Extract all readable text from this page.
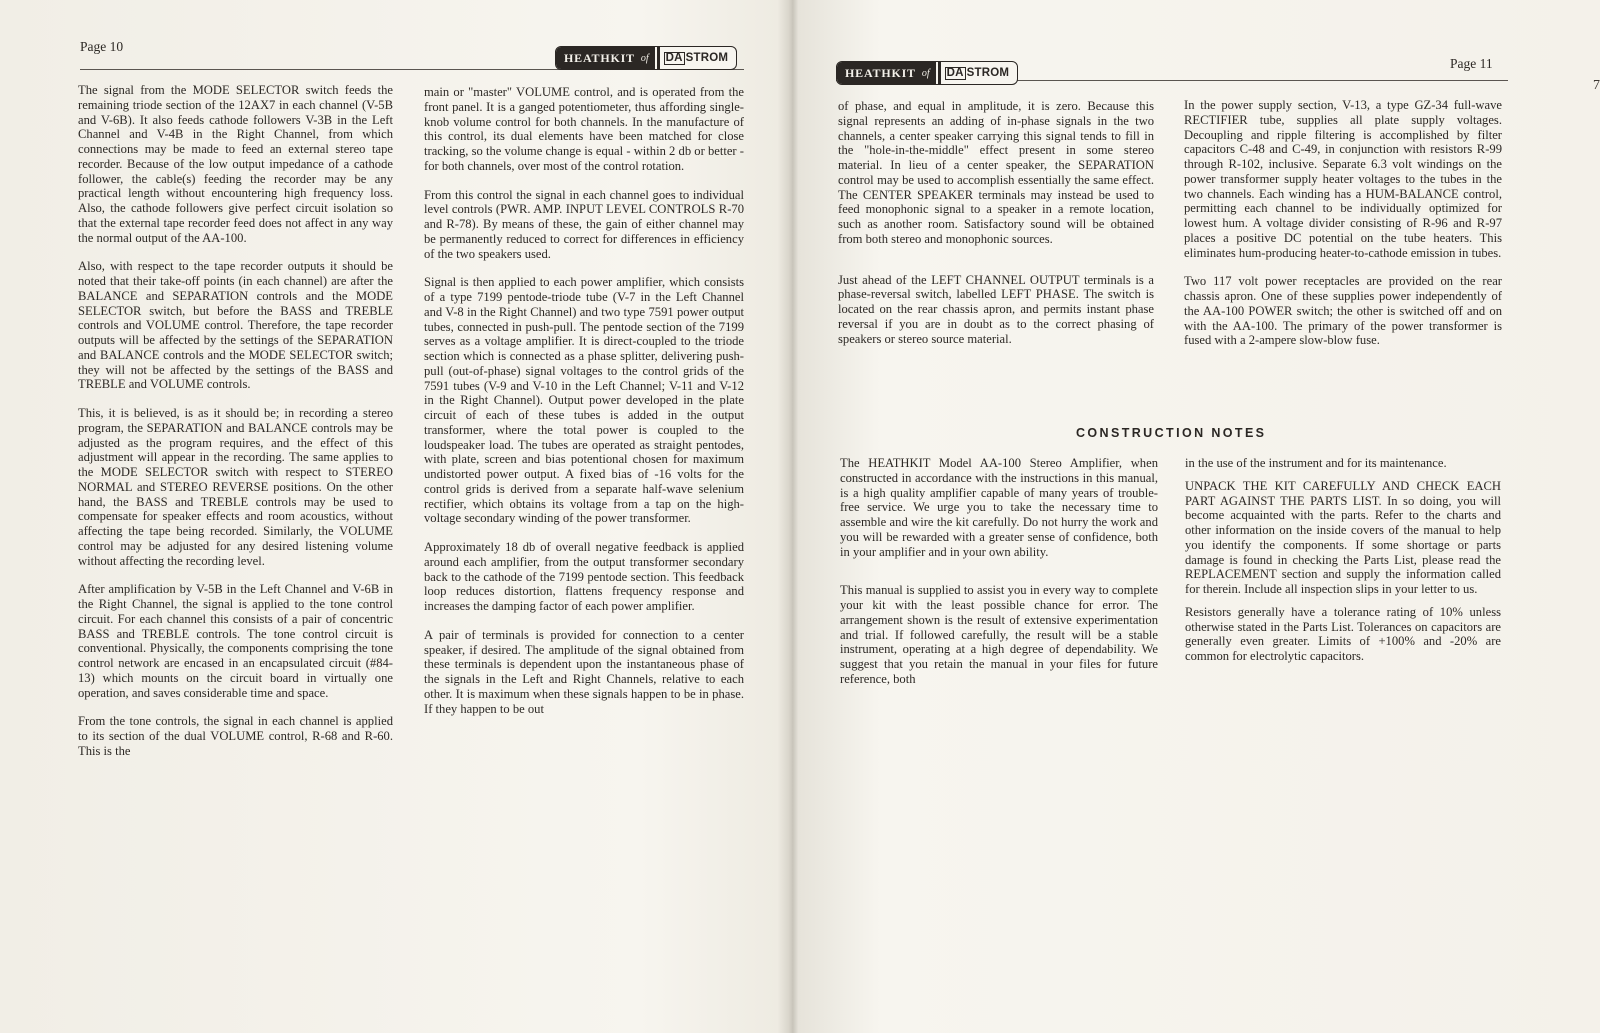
Page 10
HEATHKIT of	DA STROM

The signal from the MODE SELECTOR switch feeds the remaining triode section of the 12AX7 in each channel (V-5B and V-6B). It also feeds cathode followers V-3B in the Left Channel and V-4B in the Right Channel, from which connections may be made to feed an external stereo tape recorder. Because of the low output impedance of a cathode follower, the cable(s) feeding the recorder may be any practical length without encountering high frequency loss. Also, the cathode followers give perfect circuit isolation so that the external tape recorder feed does not affect in any way the normal output of the AA-100.

Also, with respect to the tape recorder outputs it should be noted that their take-off points (in each channel) are after the BALANCE and SEPARATION controls and the MODE SELECTOR switch, but before the BASS and TREBLE controls and VOLUME control. Therefore, the tape recorder outputs will be affected by the settings of the SEPARATION and BALANCE controls and the MODE SELECTOR switch; they will not be affected by the settings of the BASS and TREBLE and VOLUME controls.

This, it is believed, is as it should be; in recording a stereo program, the SEPARATION and BALANCE controls may be adjusted as the program requires, and the effect of this adjustment will appear in the recording. The same applies to the MODE SELECTOR switch with respect to STEREO NORMAL and STEREO REVERSE positions. On the other hand, the BASS and TREBLE controls may be used to compensate for speaker effects and room acoustics, without affecting the tape being recorded. Similarly, the VOLUME control may be adjusted for any desired listening volume without affecting the recording level.

After amplification by V-5B in the Left Channel and V-6B in the Right Channel, the signal is applied to the tone control circuit. For each channel this consists of a pair of concentric BASS and TREBLE controls. The tone control circuit is conventional. Physically, the components comprising the tone control network are encased in an encapsulated circuit (#84-13) which mounts on the circuit board in virtually one operation, and saves considerable time and space.

From the tone controls, the signal in each channel is applied to its section of the dual VOLUME control, R-68 and R-60. This is the

main or "master" VOLUME control, and is operated from the front panel. It is a ganged potentiometer, thus affording single-knob volume control for both channels. In the manufacture of this control, its dual elements have been matched for close tracking, so the volume change is equal - within 2 db or better - for both channels, over most of the control rotation.

From this control the signal in each channel goes to individual level controls (PWR. AMP. INPUT LEVEL CONTROLS R-70 and R-78). By means of these, the gain of either channel may be permanently reduced to correct for differences in efficiency of the two speakers used.

Signal is then applied to each power amplifier, which consists of a type 7199 pentode-triode tube (V-7 in the Left Channel and V-8 in the Right Channel) and two type 7591 power output tubes, connected in push-pull. The pentode section of the 7199 serves as a voltage amplifier. It is direct-coupled to the triode section which is connected as a phase splitter, delivering push-pull (out-of-phase) signal voltages to the control grids of the 7591 tubes (V-9 and V-10 in the Left Channel; V-11 and V-12 in the Right Channel). Output power developed in the plate circuit of each of these tubes is added in the output transformer, where the total power is coupled to the loudspeaker load. The tubes are operated as straight pentodes, with plate, screen and bias potentional chosen for maximum undistorted power output. A fixed bias of -16 volts for the control grids is derived from a separate half-wave selenium rectifier, which obtains its voltage from a tap on the high-voltage secondary winding of the power transformer.

Approximately 18 db of overall negative feedback is applied around each amplifier, from the output transformer secondary back to the cathode of the 7199 pentode section. This feedback loop reduces distortion, flattens frequency response and increases the damping factor of each power amplifier.

A pair of terminals is provided for connection to a center speaker, if desired. The amplitude of the signal obtained from these terminals is dependent upon the instantaneous phase of the signals in the Left and Right Channels, relative to each other. It is maximum when these signals happen to be in phase. If they happen to be out

Page 11
HEATHKIT of	DA STROM
7

of phase, and equal in amplitude, it is zero. Because this signal represents an adding of in-phase signals in the two channels, a center speaker carrying this signal tends to fill in the "hole-in-the-middle" effect present in some stereo material. In lieu of a center speaker, the SEPARATION control may be used to accomplish essentially the same effect. The CENTER SPEAKER terminals may instead be used to feed monophonic signal to a speaker in a remote location, such as another room. Satisfactory sound will be obtained from both stereo and monophonic sources.

Just ahead of the LEFT CHANNEL OUTPUT terminals is a phase-reversal switch, labelled LEFT PHASE. The switch is located on the rear chassis apron, and permits instant phase reversal if you are in doubt as to the correct phasing of speakers or stereo source material.

In the power supply section, V-13, a type GZ-34 full-wave RECTIFIER tube, supplies all plate supply voltages. Decoupling and ripple filtering is accomplished by filter capacitors C-48 and C-49, in conjunction with resistors R-99 through R-102, inclusive. Separate 6.3 volt windings on the power transformer supply heater voltages to the tubes in the two channels. Each winding has a HUM-BALANCE control, permitting each channel to be individually optimized for lowest hum. A voltage divider consisting of R-96 and R-97 places a positive DC potential on the tube heaters. This eliminates hum-producing heater-to-cathode emission in tubes.

Two 117 volt power receptacles are provided on the rear chassis apron. One of these supplies power independently of the AA-100 POWER switch; the other is switched off and on with the AA-100. The primary of the power transformer is fused with a 2-ampere slow-blow fuse.

CONSTRUCTION NOTES

The HEATHKIT Model AA-100 Stereo Amplifier, when constructed in accordance with the instructions in this manual, is a high quality amplifier capable of many years of trouble-free service. We urge you to take the necessary time to assemble and wire the kit carefully. Do not hurry the work and you will be rewarded with a greater sense of confidence, both in your amplifier and in your own ability.

This manual is supplied to assist you in every way to complete your kit with the least possible chance for error. The arrangement shown is the result of extensive experimentation and trial. If followed carefully, the result will be a stable instrument, operating at a high degree of dependability. We suggest that you retain the manual in your files for future reference, both

in the use of the instrument and for its maintenance.

UNPACK THE KIT CAREFULLY AND CHECK EACH PART AGAINST THE PARTS LIST. In so doing, you will become acquainted with the parts. Refer to the charts and other information on the inside covers of the manual to help you identify the components. If some shortage or parts damage is found in checking the Parts List, please read the REPLACEMENT section and supply the information called for therein. Include all inspection slips in your letter to us.

Resistors generally have a tolerance rating of 10% unless otherwise stated in the Parts List. Tolerances on capacitors are generally even greater. Limits of +100% and -20% are common for electrolytic capacitors.
